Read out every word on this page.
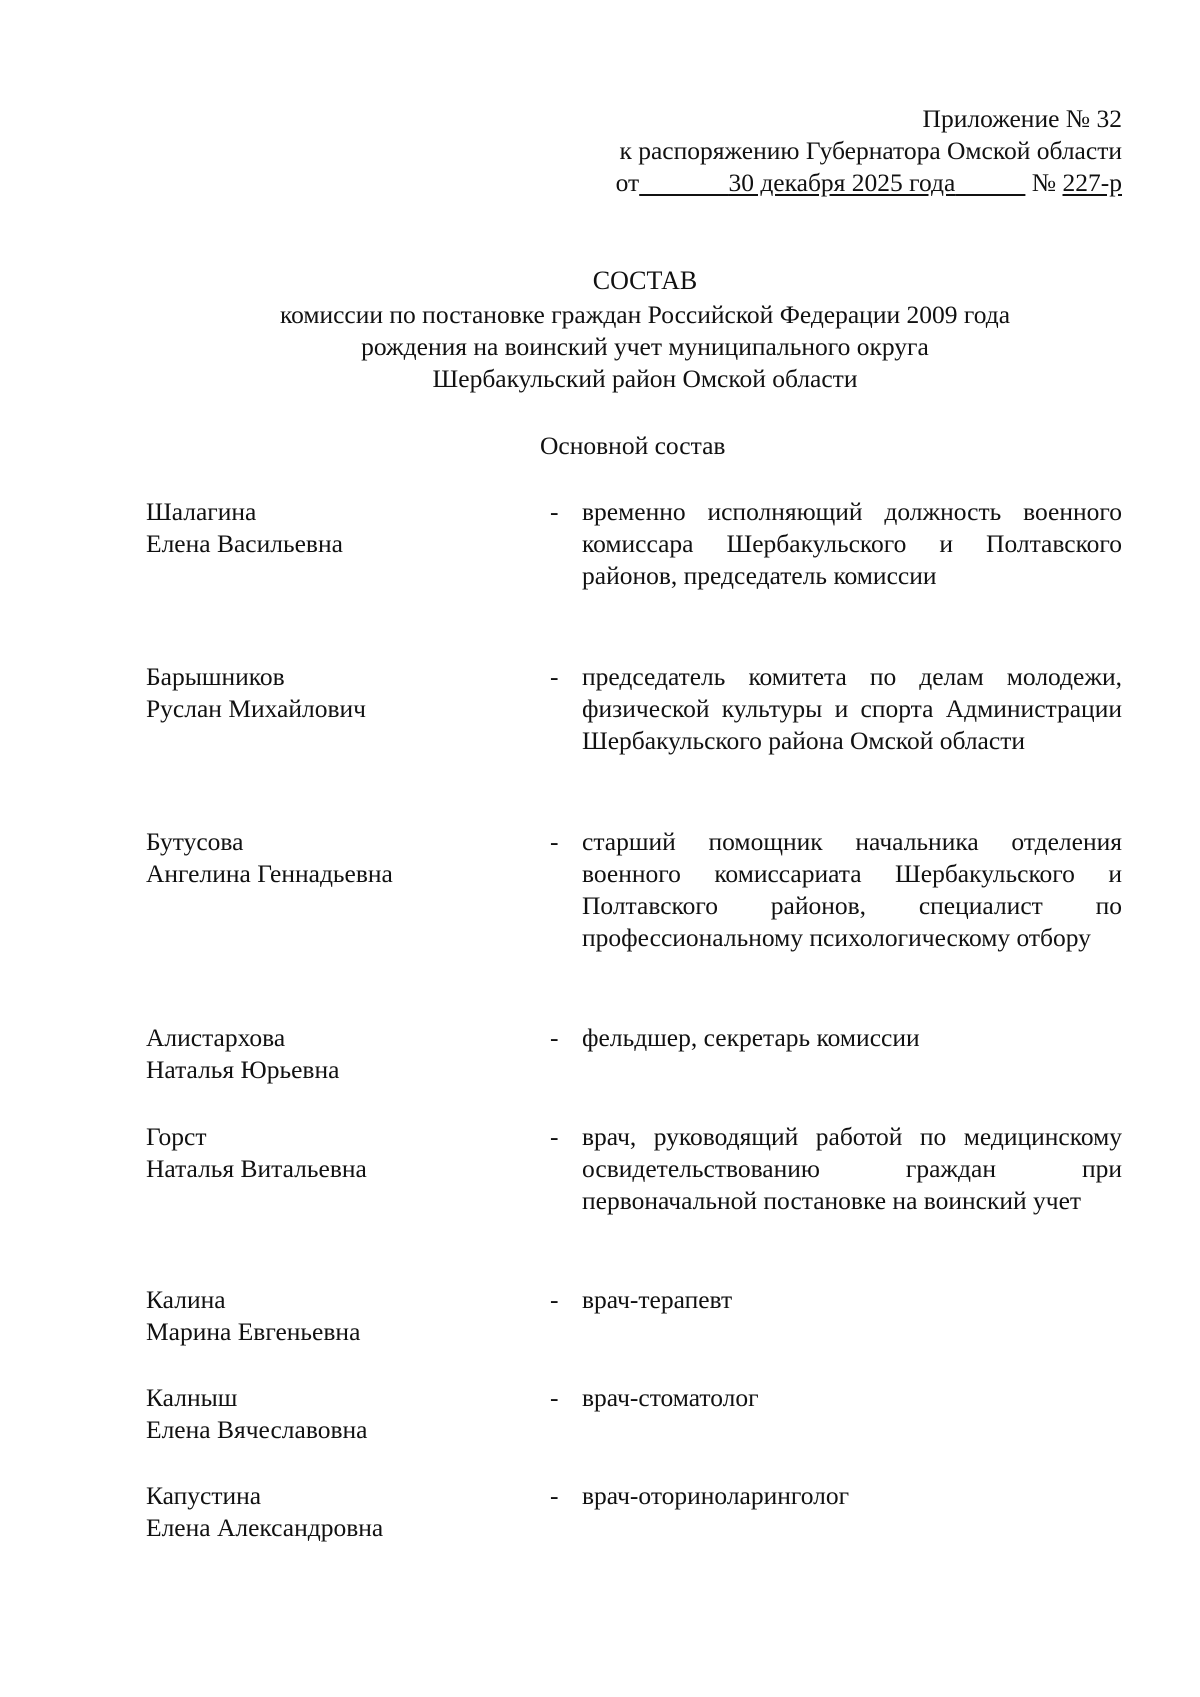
Приложение № 32
к распоряжению Губернатора Омской области
от	30 декабря 2025 года	№ 227-р
СОСТАВ
комиссии по постановке граждан Российской Федерации 2009 года
рождения на воинский учет муниципального округа
Шербакульский район Омской области
Основной состав
Шалагина
Елена Васильевна
- временно исполняющий должность военного комиссара Шербакульского и Полтавского районов, председатель комиссии
Барышников
Руслан Михайлович
- председатель комитета по делам молодежи, физической культуры и спорта Администрации Шербакульского района Омской области
Бутусова
Ангелина Геннадьевна
- старший помощник начальника отделения военного комиссариата Шербакульского и Полтавского районов, специалист по профессиональному психологическому отбору
Алистархова
Наталья Юрьевна
- фельдшер, секретарь комиссии
Горст
Наталья Витальевна
- врач, руководящий работой по медицинскому освидетельствованию граждан при первоначальной постановке на воинский учет
Калина
Марина Евгеньевна
- врач-терапевт
Калныш
Елена Вячеславовна
- врач-стоматолог
Капустина
Елена Александровна
- врач-оториноларинголог
